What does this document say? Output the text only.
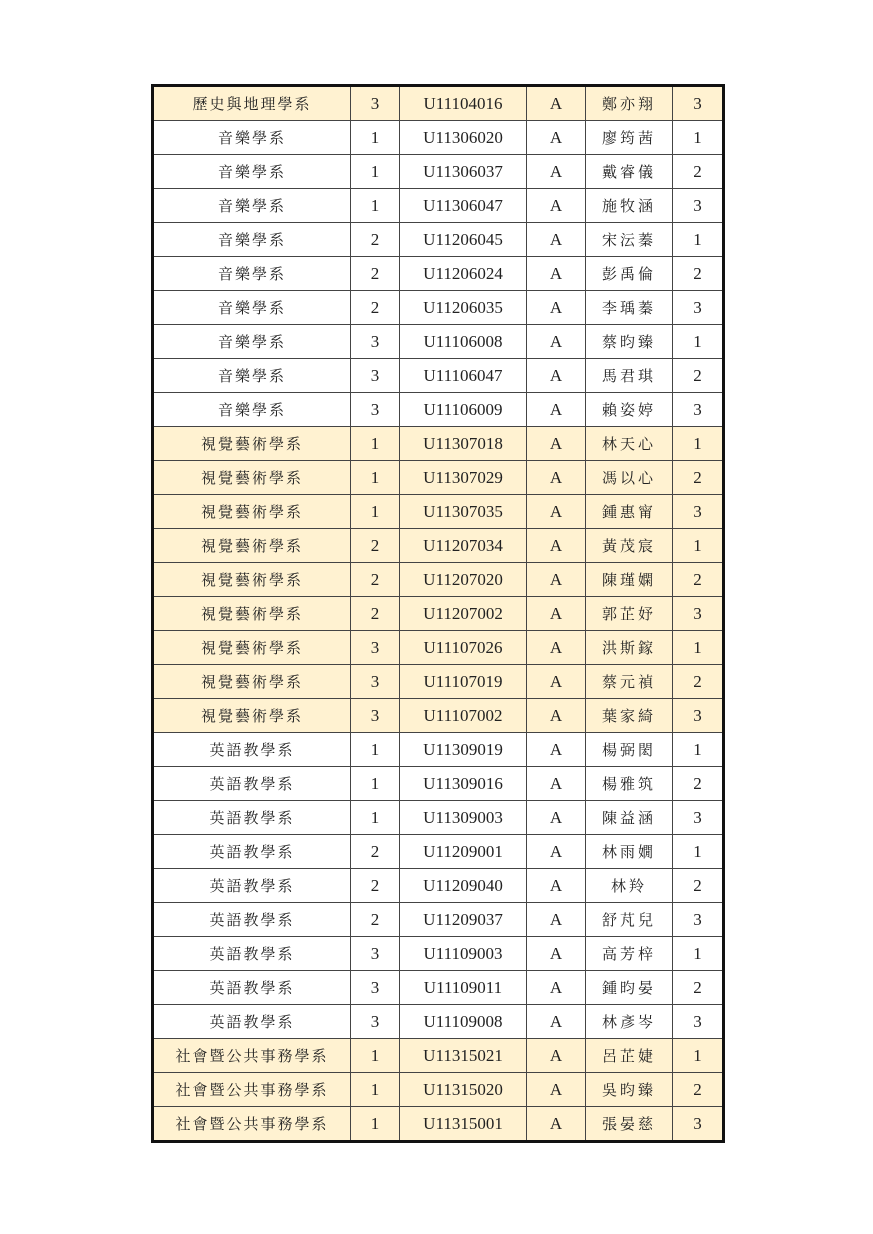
歷史與地理學系	3	U11104016	A	鄭亦翔	3
音樂學系	1	U11306020	A	廖筠茜	1
音樂學系	1	U11306037	A	戴睿儀	2
音樂學系	1	U11306047	A	施牧涵	3
音樂學系	2	U11206045	A	宋沄蓁	1
音樂學系	2	U11206024	A	彭禹倫	2
音樂學系	2	U11206035	A	李瑀蓁	3
音樂學系	3	U11106008	A	蔡昀臻	1
音樂學系	3	U11106047	A	馬君琪	2
音樂學系	3	U11106009	A	賴姿婷	3
視覺藝術學系	1	U11307018	A	林天心	1
視覺藝術學系	1	U11307029	A	馮以心	2
視覺藝術學系	1	U11307035	A	鍾惠甯	3
視覺藝術學系	2	U11207034	A	黃茂宸	1
視覺藝術學系	2	U11207020	A	陳瑾嫻	2
視覺藝術學系	2	U11207002	A	郭芷妤	3
視覺藝術學系	3	U11107026	A	洪斯鎵	1
視覺藝術學系	3	U11107019	A	蔡元禎	2
視覺藝術學系	3	U11107002	A	葉家綺	3
英語教學系	1	U11309019	A	楊弼閎	1
英語教學系	1	U11309016	A	楊雅筑	2
英語教學系	1	U11309003	A	陳益涵	3
英語教學系	2	U11209001	A	林雨嫺	1
英語教學系	2	U11209040	A	林羚	2
英語教學系	2	U11209037	A	舒芃兒	3
英語教學系	3	U11109003	A	高芳梓	1
英語教學系	3	U11109011	A	鍾昀晏	2
英語教學系	3	U11109008	A	林彥岑	3
社會暨公共事務學系	1	U11315021	A	呂芷婕	1
社會暨公共事務學系	1	U11315020	A	吳昀臻	2
社會暨公共事務學系	1	U11315001	A	張晏慈	3
